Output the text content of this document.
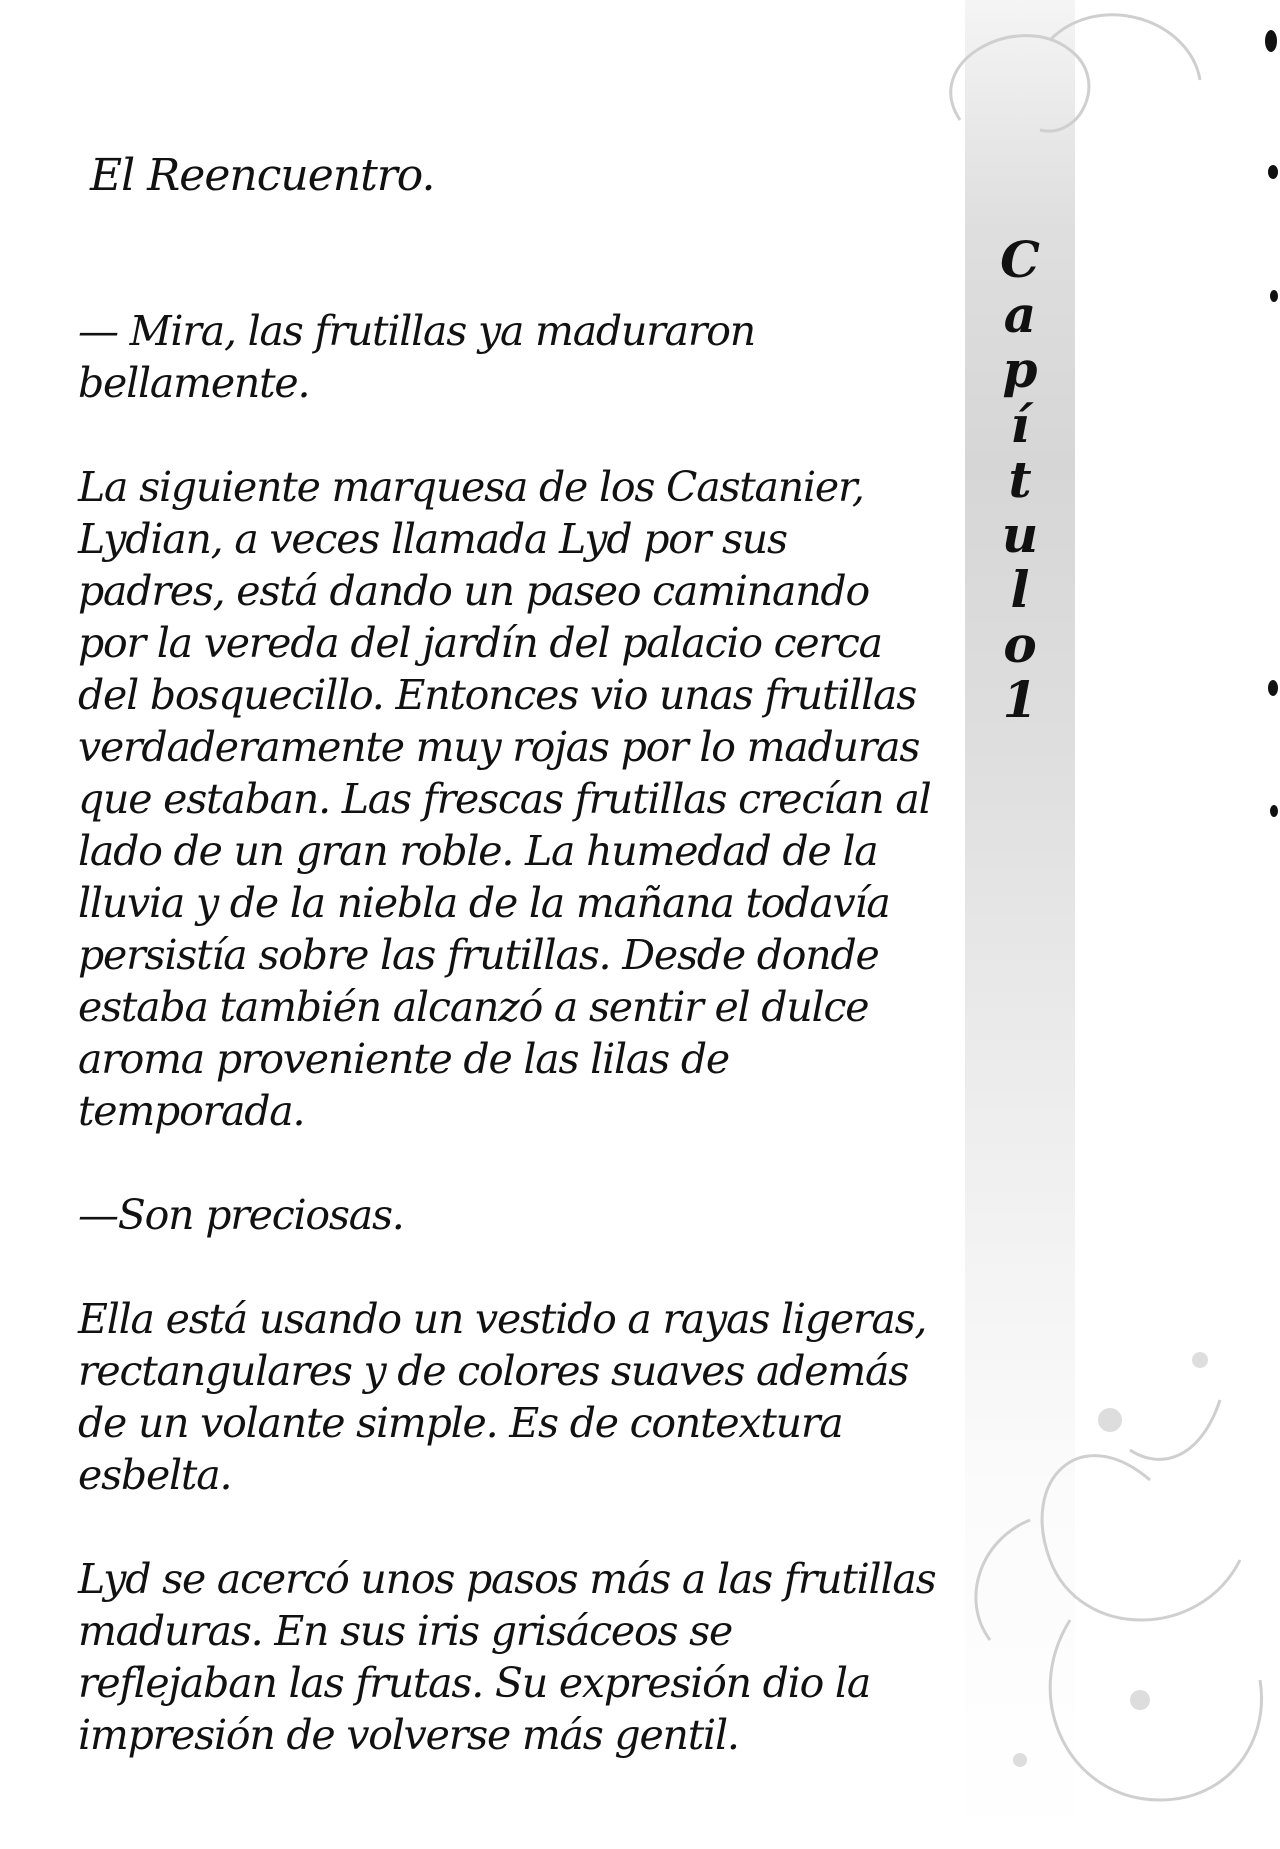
El Reencuentro.
C
a
p
í
t
u
l
o
1

— Mira, las frutillas ya maduraron bellamente.

La siguiente marquesa de los Castanier, Lydian, a veces llamada Lyd por sus padres, está dando un paseo caminando por la vereda del jardín del palacio cerca del bosquecillo. Entonces vio unas frutillas verdaderamente muy rojas por lo maduras que estaban. Las frescas frutillas crecían al lado de un gran roble. La humedad de la lluvia y de la niebla de la mañana todavía persistía sobre las frutillas. Desde donde estaba también alcanzó a sentir el dulce aroma proveniente de las lilas de temporada.

—Son preciosas.

Ella está usando un vestido a rayas ligeras, rectangulares y de colores suaves además de un volante simple. Es de contextura esbelta.

Lyd se acercó unos pasos más a las frutillas maduras. En sus iris grisáceos se reflejaban las frutas. Su expresión dio la impresión de volverse más gentil.
